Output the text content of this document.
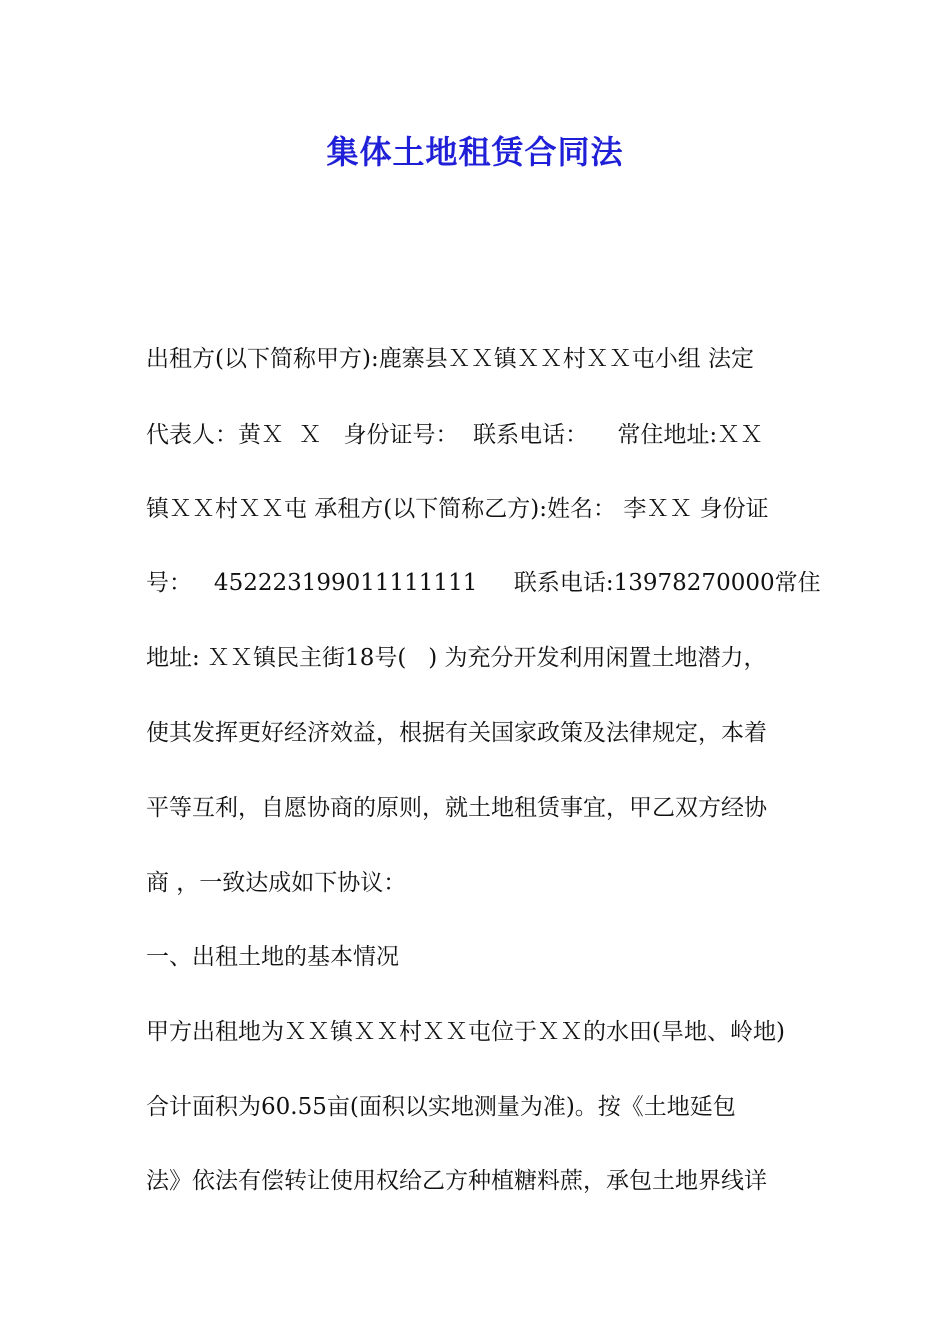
集体土地租赁合同法

出租方(以下简称甲方):鹿寨县ＸＸ镇ＸＸ村ＸＸ屯小组 法定

代表人：黄Ｘ  Ｘ   身份证号：  联系电话：    常住地址:ＸＸ

镇ＸＸ村ＸＸ屯 承租方(以下简称乙方):姓名： 李ＸＸ 身份证

号：   452223199011111111     联系电话:13978270000常住

地址: ＸＸ镇民主街18号(   ) 为充分开发利用闲置土地潜力，

使其发挥更好经济效益，根据有关国家政策及法律规定，本着

平等互利，自愿协商的原则，就土地租赁事宜，甲乙双方经协

商 ，一致达成如下协议：

一、出租土地的基本情况

甲方出租地为ＸＸ镇ＸＸ村ＸＸ屯位于ＸＸ的水田(旱地、岭地)

合计面积为60.55亩(面积以实地测量为准)。按《土地延包

法》依法有偿转让使用权给乙方种植糖料蔗，承包土地界线详
